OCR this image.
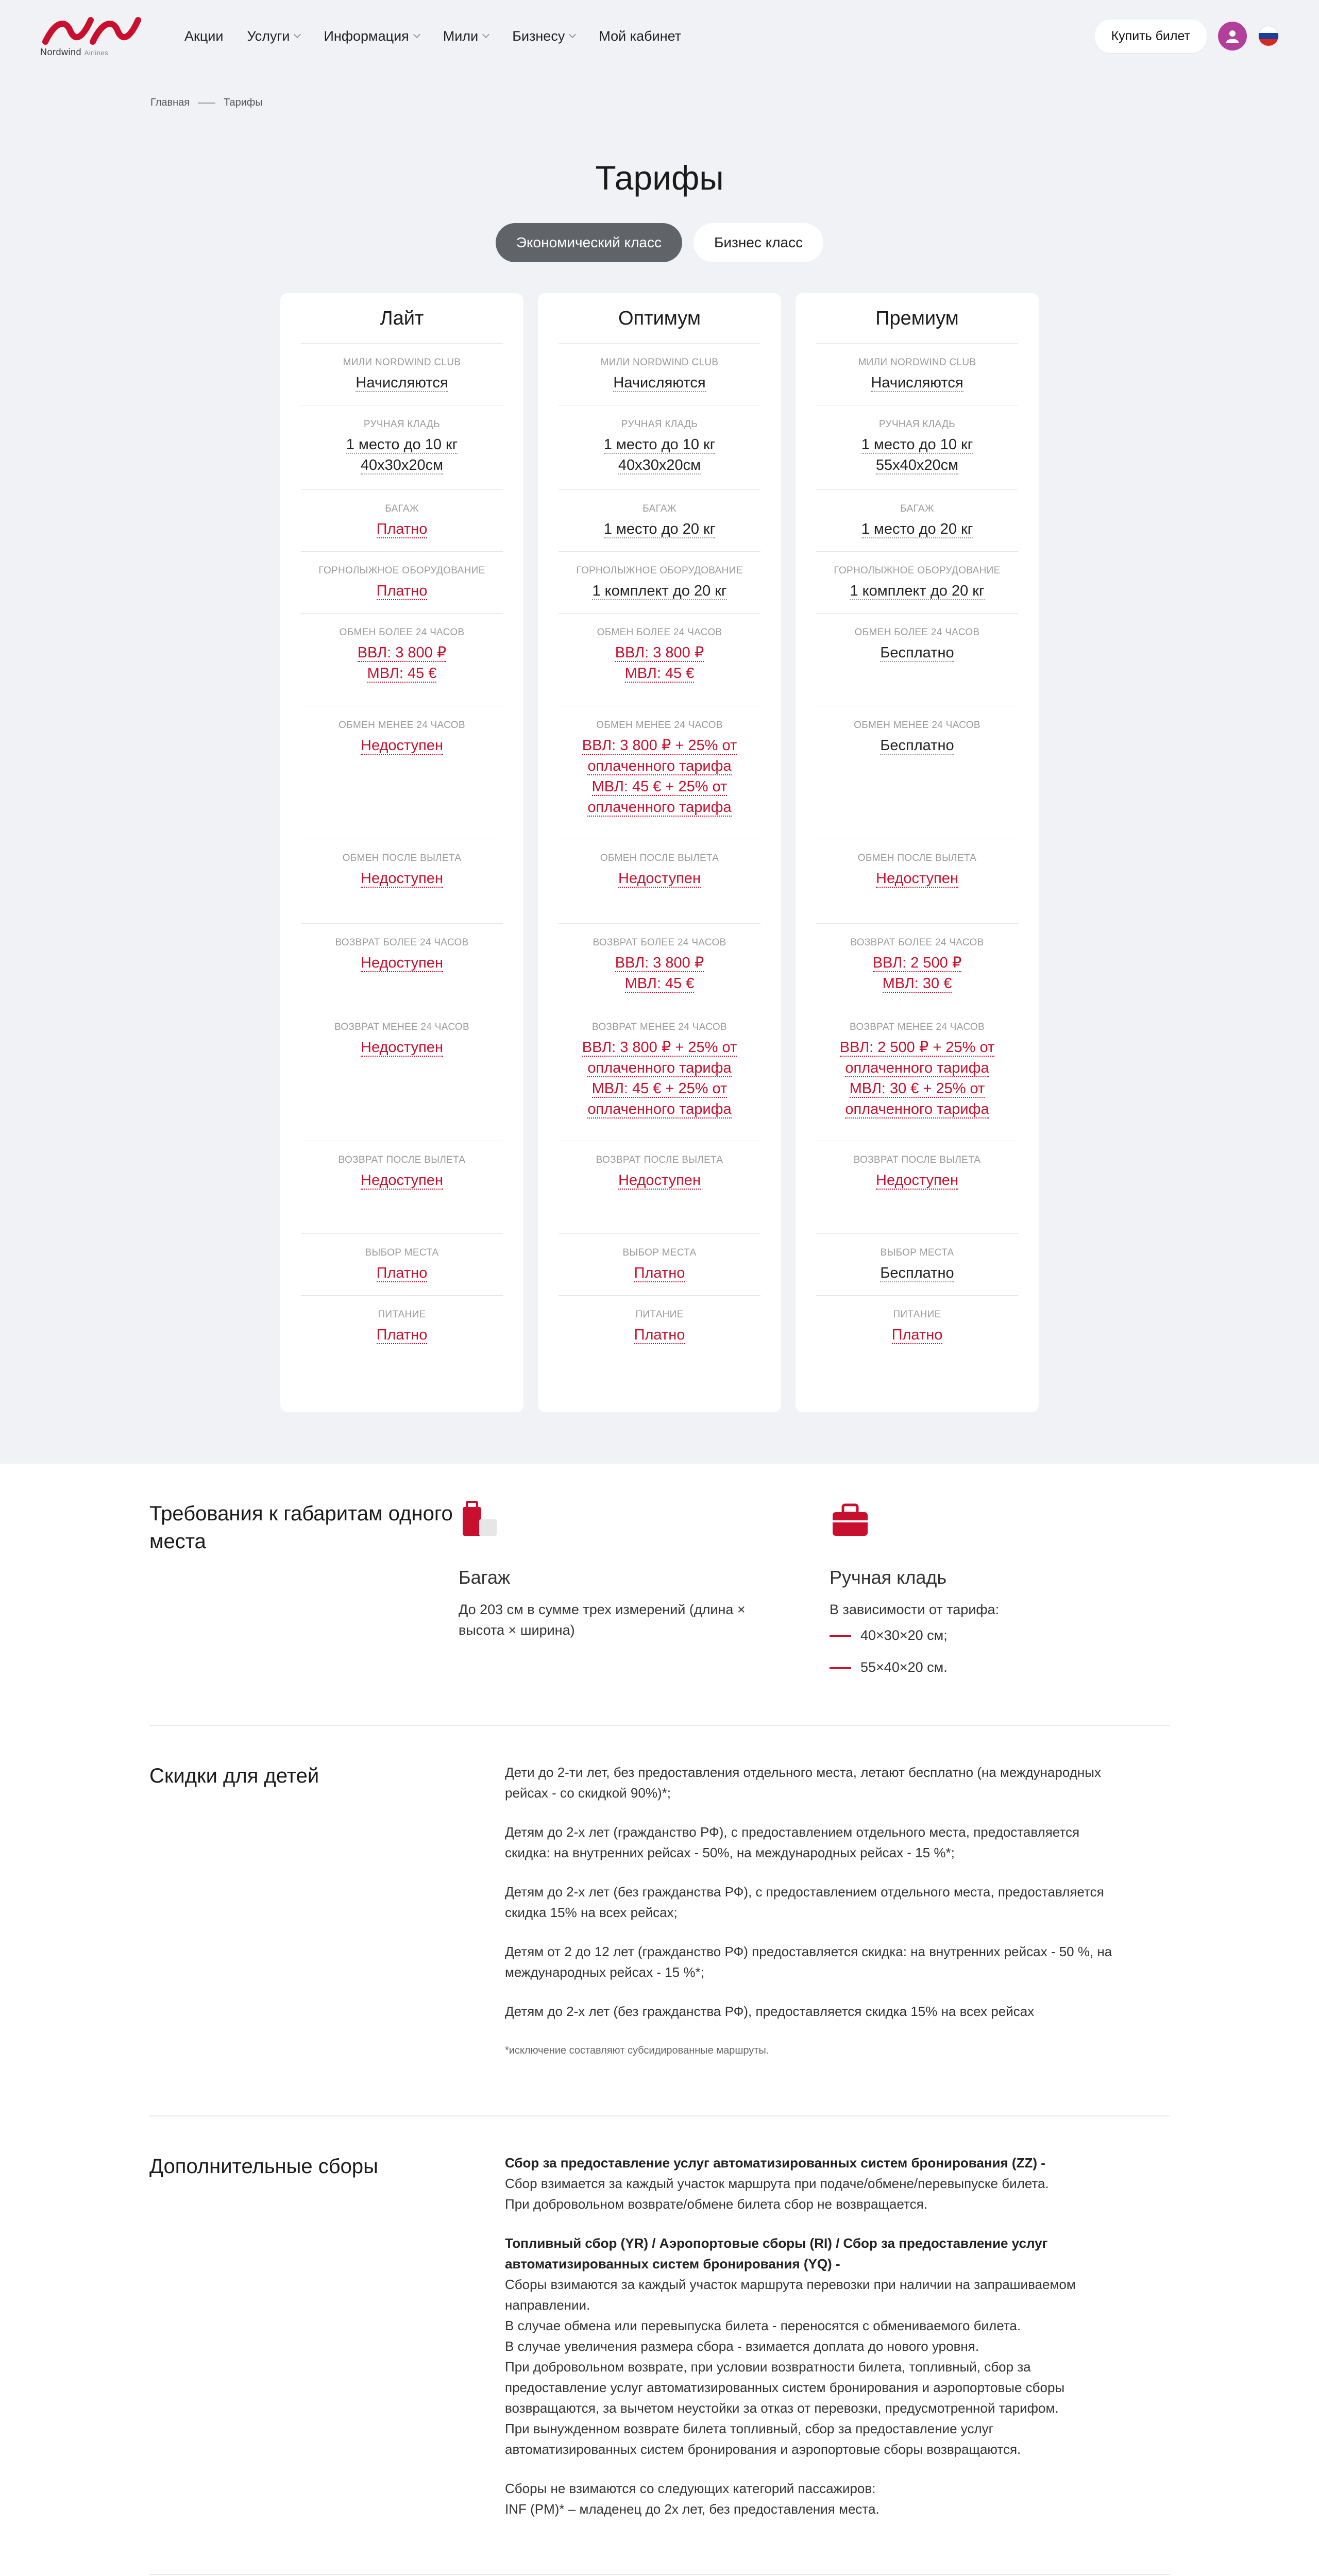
Nordwind Airlines
Акции Услуги Информация Мили Бизнесу Мой кабинет	Купить билет
Главная	Тарифы
Тарифы
Экономический класс	Бизнес класс
Лайт
МИЛИ NORDWIND CLUB
Начисляются
РУЧНАЯ КЛАДЬ
1 место до 10 кг
40х30х20см
БАГАЖ
Платно
ГОРНОЛЫЖНОЕ ОБОРУДОВАНИЕ
Платно
ОБМЕН БОЛЕЕ 24 ЧАСОВ
ВВЛ: 3 800 ₽
МВЛ: 45 €
ОБМЕН МЕНЕЕ 24 ЧАСОВ
Недоступен
ОБМЕН ПОСЛЕ ВЫЛЕТА
Недоступен
ВОЗВРАТ БОЛЕЕ 24 ЧАСОВ
Недоступен
ВОЗВРАТ МЕНЕЕ 24 ЧАСОВ
Недоступен
ВОЗВРАТ ПОСЛЕ ВЫЛЕТА
Недоступен
ВЫБОР МЕСТА
Платно
ПИТАНИЕ
Платно
Оптимум
МИЛИ NORDWIND CLUB
Начисляются
РУЧНАЯ КЛАДЬ
1 место до 10 кг
40х30х20см
БАГАЖ
1 место до 20 кг
ГОРНОЛЫЖНОЕ ОБОРУДОВАНИЕ
1 комплект до 20 кг
ОБМЕН БОЛЕЕ 24 ЧАСОВ
ВВЛ: 3 800 ₽
МВЛ: 45 €
ОБМЕН МЕНЕЕ 24 ЧАСОВ
ВВЛ: 3 800 ₽ + 25% от
оплаченного тарифа
МВЛ: 45 € + 25% от
оплаченного тарифа
ОБМЕН ПОСЛЕ ВЫЛЕТА
Недоступен
ВОЗВРАТ БОЛЕЕ 24 ЧАСОВ
ВВЛ: 3 800 ₽
МВЛ: 45 €
ВОЗВРАТ МЕНЕЕ 24 ЧАСОВ
ВВЛ: 3 800 ₽ + 25% от
оплаченного тарифа
МВЛ: 45 € + 25% от
оплаченного тарифа
ВОЗВРАТ ПОСЛЕ ВЫЛЕТА
Недоступен
ВЫБОР МЕСТА
Платно
ПИТАНИЕ
Платно
Премиум
МИЛИ NORDWIND CLUB
Начисляются
РУЧНАЯ КЛАДЬ
1 место до 10 кг
55х40х20см
БАГАЖ
1 место до 20 кг
ГОРНОЛЫЖНОЕ ОБОРУДОВАНИЕ
1 комплект до 20 кг
ОБМЕН БОЛЕЕ 24 ЧАСОВ
Бесплатно
ОБМЕН МЕНЕЕ 24 ЧАСОВ
Бесплатно
ОБМЕН ПОСЛЕ ВЫЛЕТА
Недоступен
ВОЗВРАТ БОЛЕЕ 24 ЧАСОВ
ВВЛ: 2 500 ₽
МВЛ: 30 €
ВОЗВРАТ МЕНЕЕ 24 ЧАСОВ
ВВЛ: 2 500 ₽ + 25% от
оплаченного тарифа
МВЛ: 30 € + 25% от
оплаченного тарифа
ВОЗВРАТ ПОСЛЕ ВЫЛЕТА
Недоступен
ВЫБОР МЕСТА
Бесплатно
ПИТАНИЕ
Платно
Требования к габаритам одного места
Багаж
До 203 см в сумме трех измерений (длина × высота × ширина)
Ручная кладь
В зависимости от тарифа:
40×30×20 см;
55×40×20 см.
Скидки для детей	Дети до 2-ти лет, без предоставления отдельного места, летают бесплатно (на международных рейсах - со скидкой 90%)*;

Детям до 2-х лет (гражданство РФ), с предоставлением отдельного места, предоставляется скидка: на внутренних рейсах - 50%, на международных рейсах - 15 %*;

Детям до 2-х лет (без гражданства РФ), с предоставлением отдельного места, предоставляется скидка 15% на всех рейсах;

Детям от 2 до 12 лет (гражданство РФ) предоставляется скидка: на внутренних рейсах - 50 %, на международных рейсах - 15 %*;

Детям до 2-х лет (без гражданства РФ), предоставляется скидка 15% на всех рейсах

*исключение составляют субсидированные маршруты.

Дополнительные сборы	Сбор за предоставление услуг автоматизированных систем бронирования (ZZ) -
Сбор взимается за каждый участок маршрута при подаче/обмене/перевыпуске билета.
При добровольном возврате/обмене билета сбор не возвращается.

Топливный сбор (YR) / Аэропортовые сборы (RI) / Сбор за предоставление услуг автоматизированных систем бронирования (YQ) -
Сборы взимаются за каждый участок маршрута перевозки при наличии на запрашиваемом направлении.
В случае обмена или перевыпуска билета - переносятся с обмениваемого билета.
В случае увеличения размера сбора - взимается доплата до нового уровня.
При добровольном возврате, при условии возвратности билета, топливный, сбор за предоставление услуг автоматизированных систем бронирования и аэропортовые сборы возвращаются, за вычетом неустойки за отказ от перевозки, предусмотренной тарифом.
При вынужденном возврате билета топливный, сбор за предоставление услуг автоматизированных систем бронирования и аэропортовые сборы возвращаются.

Сборы не взимаются со следующих категорий пассажиров:
INF (PM)* – младенец до 2х лет, без предоставления места.
